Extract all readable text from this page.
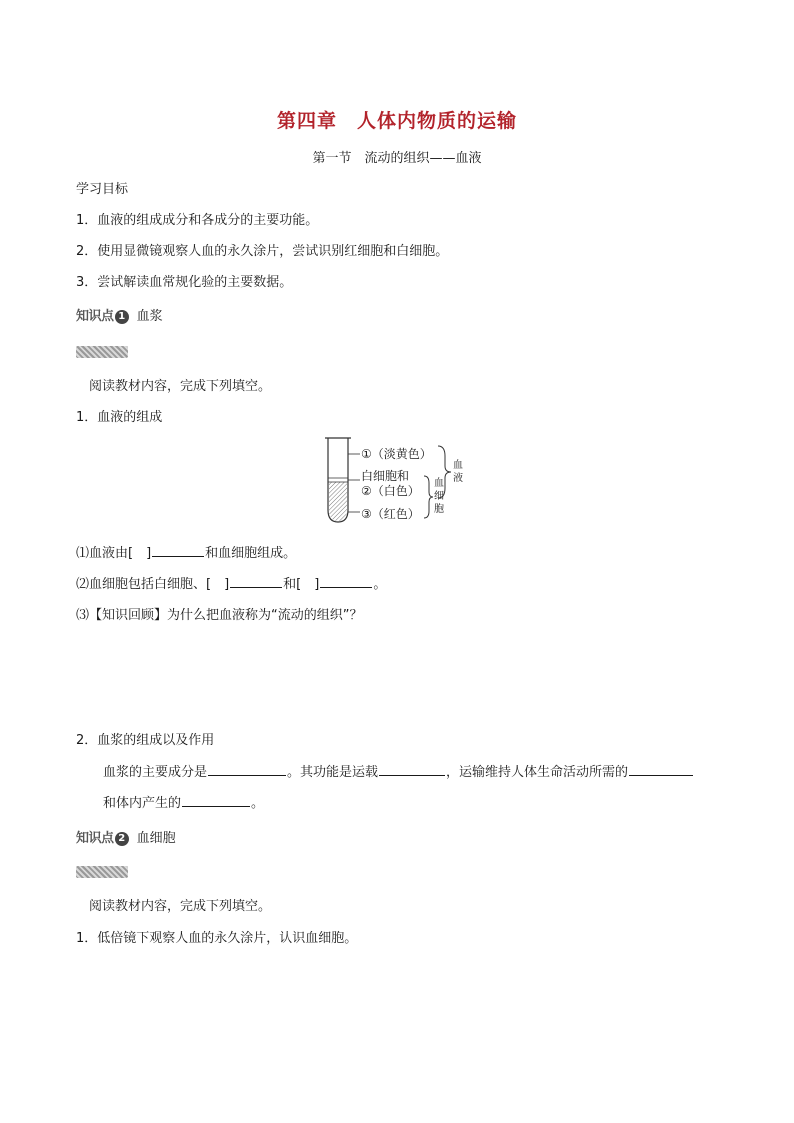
第四章　人体内物质的运输
第一节　流动的组织——血液
学习目标
1．血液的组成成分和各成分的主要功能。
2．使用显微镜观察人血的永久涂片，尝试识别红细胞和白细胞。
3．尝试解读血常规化验的主要数据。
知识点 1 血浆
阅读教材内容，完成下列填空。
1．血液的组成
①（淡黄色）
白细胞和
②（白色）
③（红色）
血
细
胞
血
液
⑴血液由[　]	和血细胞组成。
⑵血细胞包括白细胞、[　]	和[　]	。
⑶【知识回顾】为什么把血液称为“流动的组织”？
2．血浆的组成以及作用
血浆的主要成分是	。其功能是运载	，运输维持人体生命活动所需的
和体内产生的	。
知识点 2 血细胞
阅读教材内容，完成下列填空。
1．低倍镜下观察人血的永久涂片，认识血细胞。
